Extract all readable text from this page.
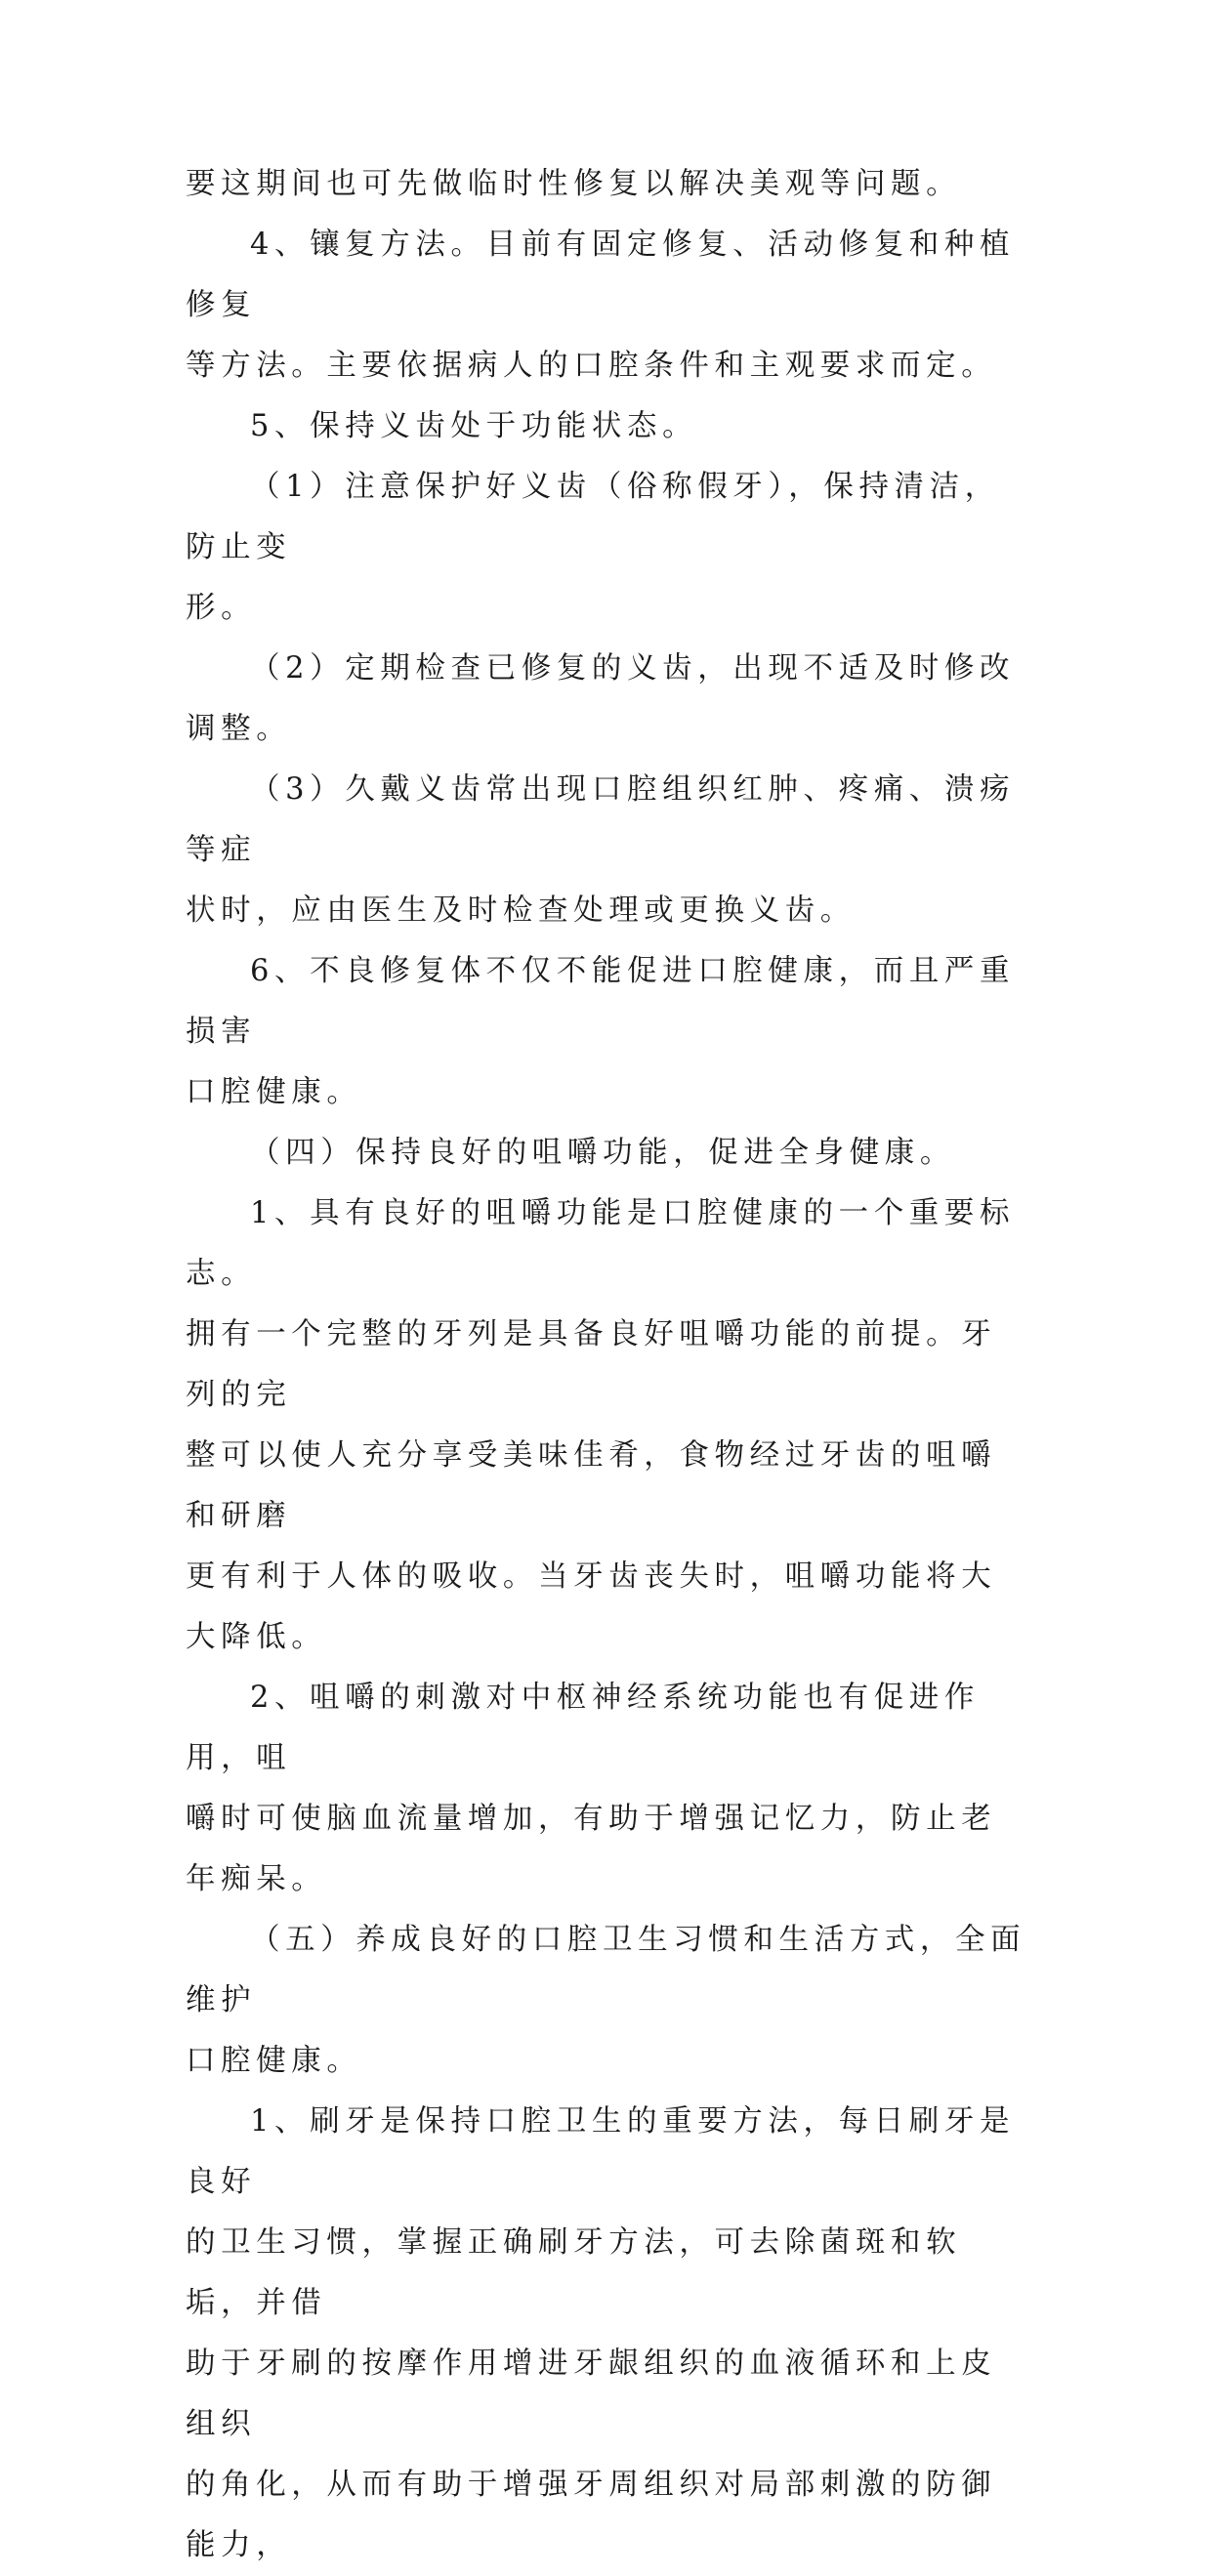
要这期间也可先做临时性修复以解决美观等问题。
4、镶复方法。目前有固定修复、活动修复和种植修复
等方法。主要依据病人的口腔条件和主观要求而定。
5、保持义齿处于功能状态。
（1）注意保护好义齿（俗称假牙），保持清洁，防止变
形。
（2）定期检查已修复的义齿，出现不适及时修改调整。
（3）久戴义齿常出现口腔组织红肿、疼痛、溃疡等症
状时，应由医生及时检查处理或更换义齿。
6、不良修复体不仅不能促进口腔健康，而且严重损害
口腔健康。
（四）保持良好的咀嚼功能，促进全身健康。
1、具有良好的咀嚼功能是口腔健康的一个重要标志。
拥有一个完整的牙列是具备良好咀嚼功能的前提。牙列的完
整可以使人充分享受美味佳肴，食物经过牙齿的咀嚼和研磨
更有利于人体的吸收。当牙齿丧失时，咀嚼功能将大大降低。
2、咀嚼的刺激对中枢神经系统功能也有促进作用，咀
嚼时可使脑血流量增加，有助于增强记忆力，防止老年痴呆。
（五）养成良好的口腔卫生习惯和生活方式，全面维护
口腔健康。
1、刷牙是保持口腔卫生的重要方法，每日刷牙是良好
的卫生习惯，掌握正确刷牙方法，可去除菌斑和软垢，并借
助于牙刷的按摩作用增进牙龈组织的血液循环和上皮组织
的角化，从而有助于增强牙周组织对局部刺激的防御能力，
